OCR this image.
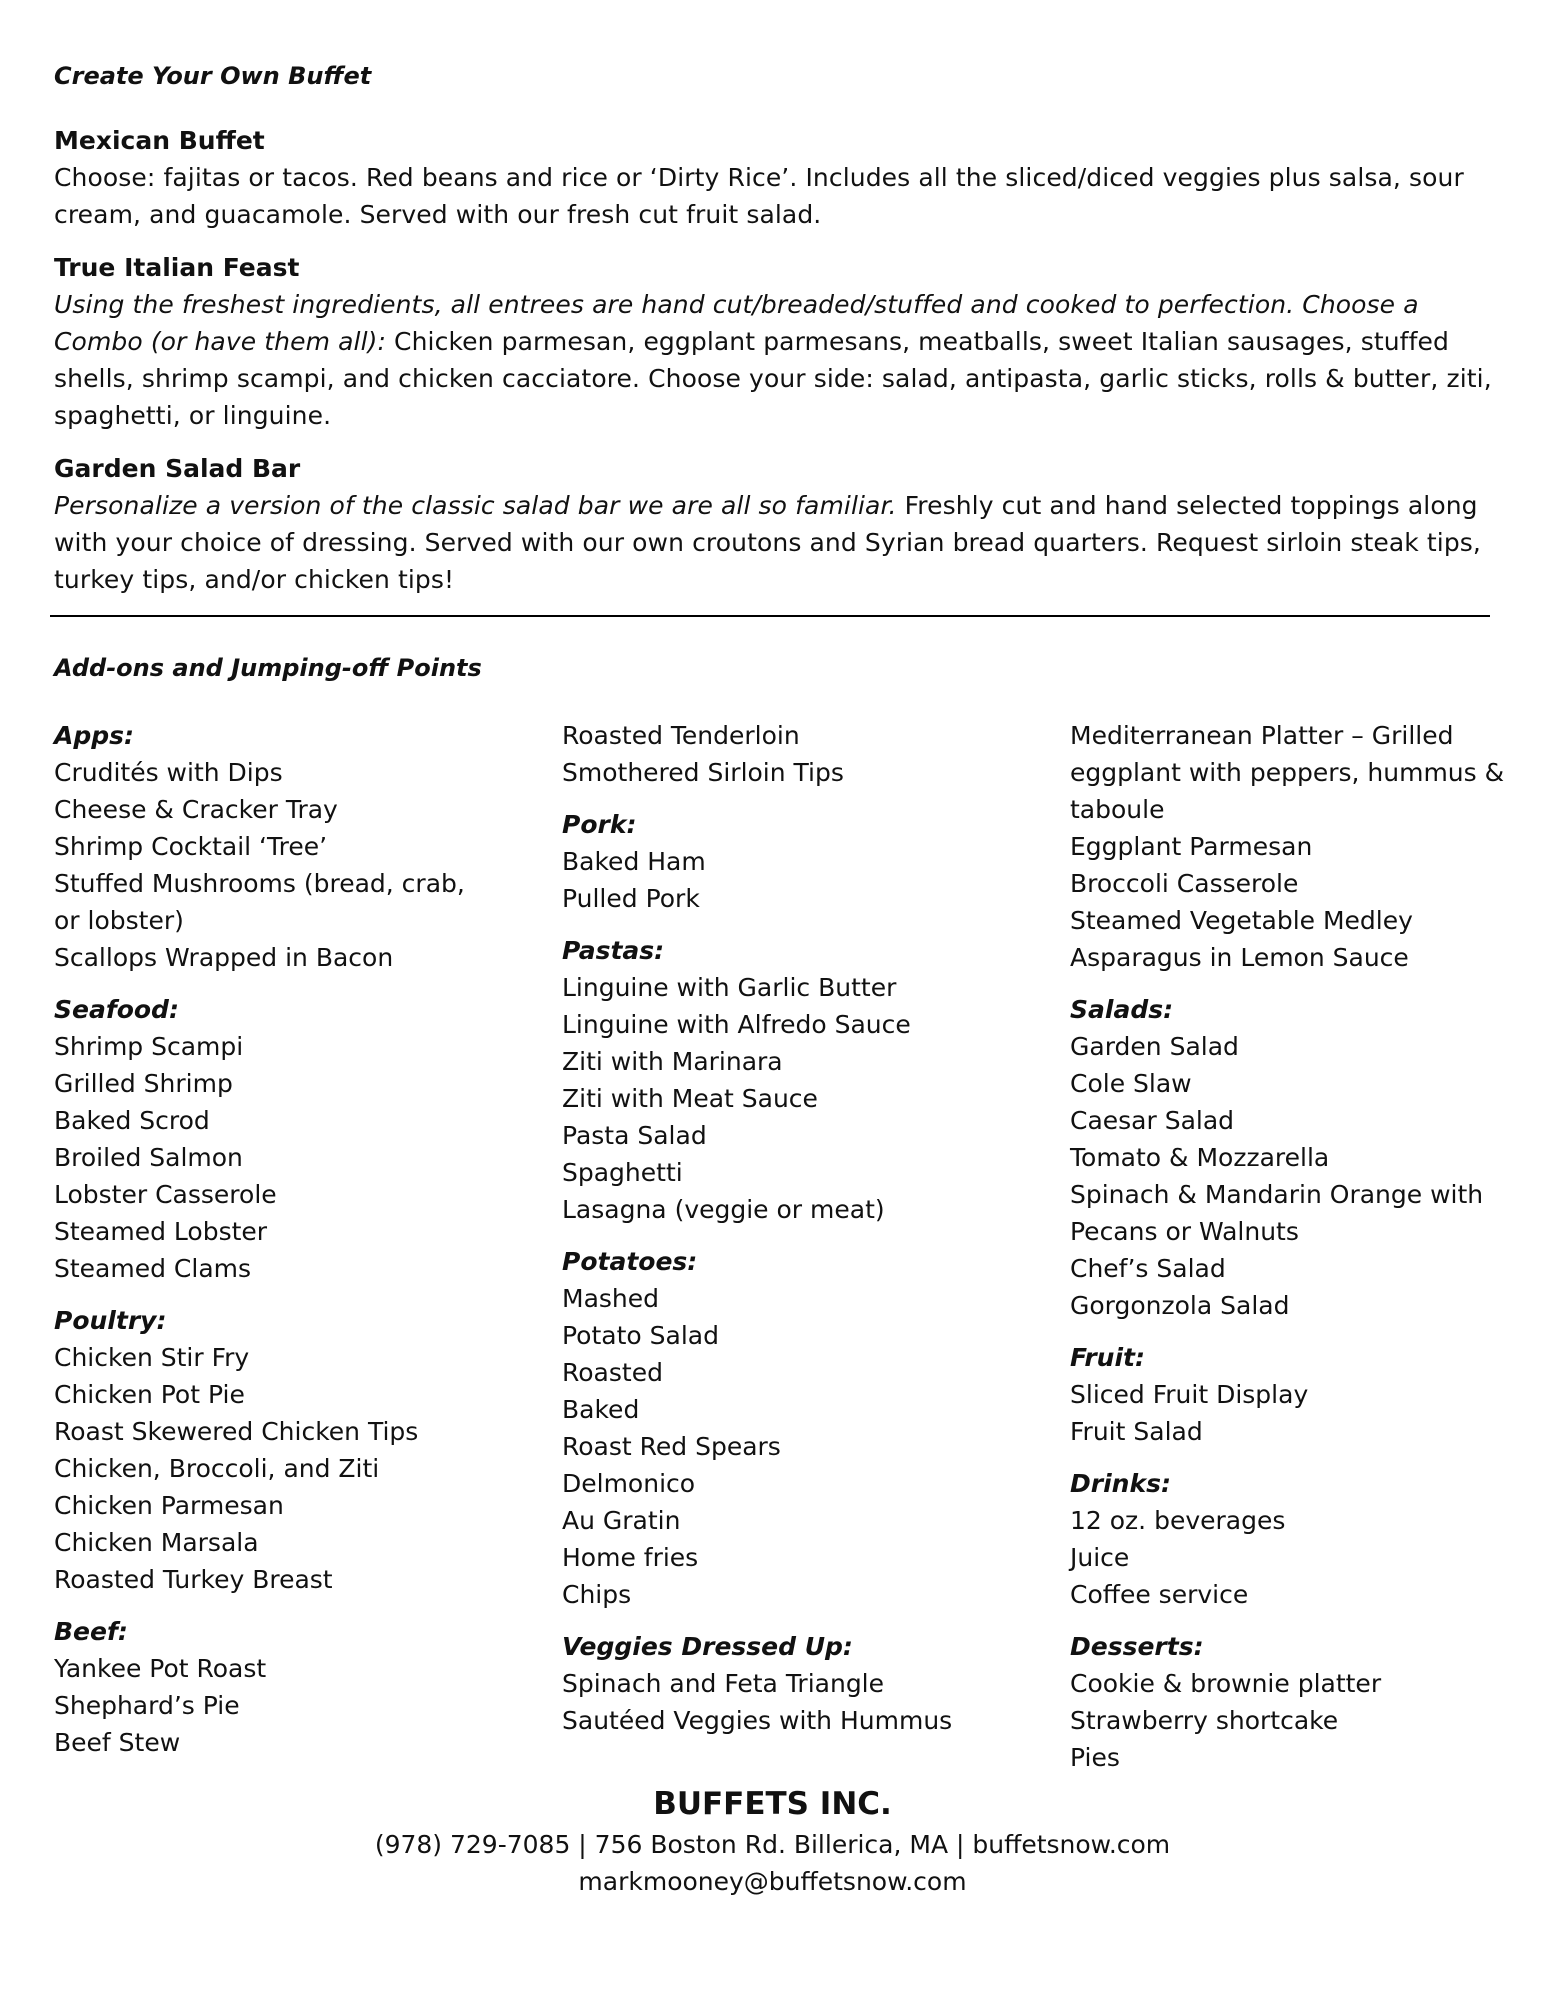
Create Your Own Buffet

Mexican Buffet

Choose: fajitas or tacos. Red beans and rice or ‘Dirty Rice’. Includes all the sliced/diced veggies plus salsa, sour cream, and guacamole. Served with our fresh cut fruit salad.

True Italian Feast

Using the freshest ingredients, all entrees are hand cut/breaded/stuffed and cooked to perfection. Choose a Combo (or have them all): Chicken parmesan, eggplant parmesans, meatballs, sweet Italian sausages, stuffed shells, shrimp scampi, and chicken cacciatore. Choose your side: salad, antipasta, garlic sticks, rolls & butter, ziti, spaghetti, or linguine.

Garden Salad Bar

Personalize a version of the classic salad bar we are all so familiar. Freshly cut and hand selected toppings along with your choice of dressing. Served with our own croutons and Syrian bread quarters. Request sirloin steak tips, turkey tips, and/or chicken tips!

Add-ons and Jumping-off Points

Apps:

Crudités with Dips
Cheese & Cracker Tray
Shrimp Cocktail ‘Tree’
Stuffed Mushrooms (bread, crab, or lobster)
Scallops Wrapped in Bacon

Seafood:

Shrimp Scampi
Grilled Shrimp
Baked Scrod
Broiled Salmon
Lobster Casserole
Steamed Lobster
Steamed Clams

Poultry:

Chicken Stir Fry
Chicken Pot Pie
Roast Skewered Chicken Tips
Chicken, Broccoli, and Ziti
Chicken Parmesan
Chicken Marsala
Roasted Turkey Breast

Beef:

Yankee Pot Roast
Shephard’s Pie
Beef Stew
Roasted Tenderloin
Smothered Sirloin Tips

Pork:

Baked Ham
Pulled Pork

Pastas:

Linguine with Garlic Butter
Linguine with Alfredo Sauce
Ziti with Marinara
Ziti with Meat Sauce
Pasta Salad
Spaghetti
Lasagna (veggie or meat)

Potatoes:

Mashed
Potato Salad
Roasted
Baked
Roast Red Spears
Delmonico
Au Gratin
Home fries
Chips

Veggies Dressed Up:

Spinach and Feta Triangle
Sautéed Veggies with Hummus
Mediterranean Platter – Grilled eggplant with peppers, hummus & taboule
Eggplant Parmesan
Broccoli Casserole
Steamed Vegetable Medley
Asparagus in Lemon Sauce

Salads:

Garden Salad
Cole Slaw
Caesar Salad
Tomato & Mozzarella
Spinach & Mandarin Orange with Pecans or Walnuts
Chef’s Salad
Gorgonzola Salad

Fruit:

Sliced Fruit Display
Fruit Salad

Drinks:

12 oz. beverages
Juice
Coffee service

Desserts:

Cookie & brownie platter
Strawberry shortcake
Pies

BUFFETS INC.

(978) 729-7085 | 756 Boston Rd. Billerica, MA | buffetsnow.com

markmooney@buffetsnow.com
